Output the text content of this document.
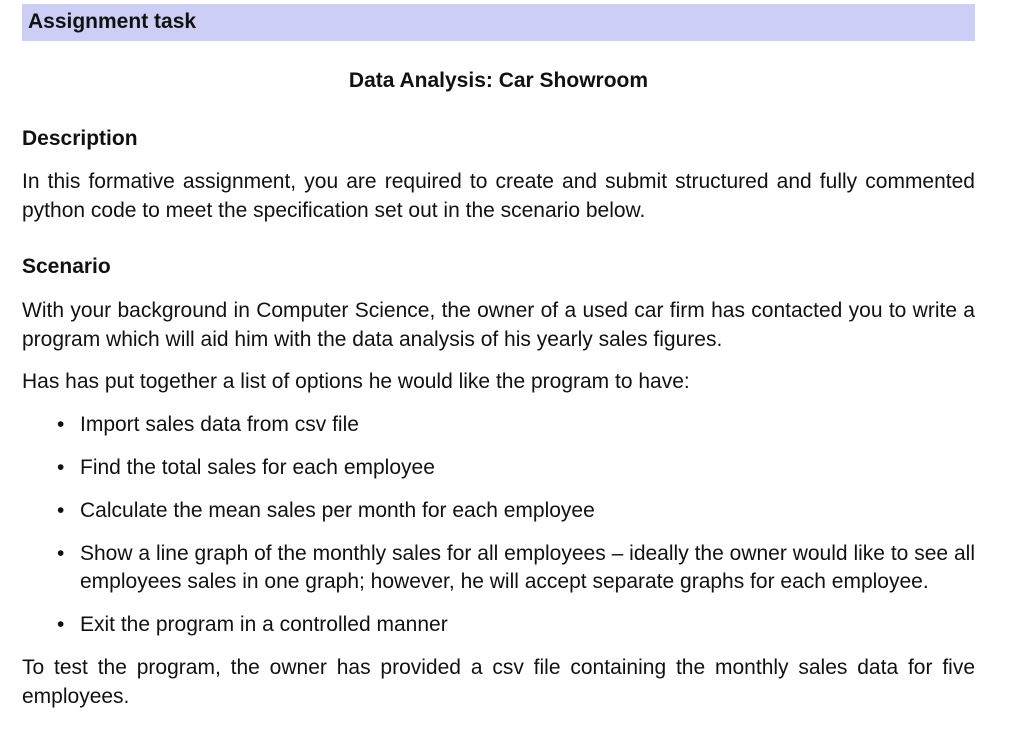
Assignment task
Data Analysis: Car Showroom
Description

In this formative assignment, you are required to create and submit structured and fully commented python code to meet the specification set out in the scenario below.

Scenario

With your background in Computer Science, the owner of a used car firm has contacted you to write a program which will aid him with the data analysis of his yearly sales figures.

Has has put together a list of options he would like the program to have:

• Import sales data from csv file
• Find the total sales for each employee
• Calculate the mean sales per month for each employee
• Show a line graph of the monthly sales for all employees – ideally the owner would like to see all employees sales in one graph; however, he will accept separate graphs for each employee.
• Exit the program in a controlled manner

To test the program, the owner has provided a csv file containing the monthly sales data for five employees.
